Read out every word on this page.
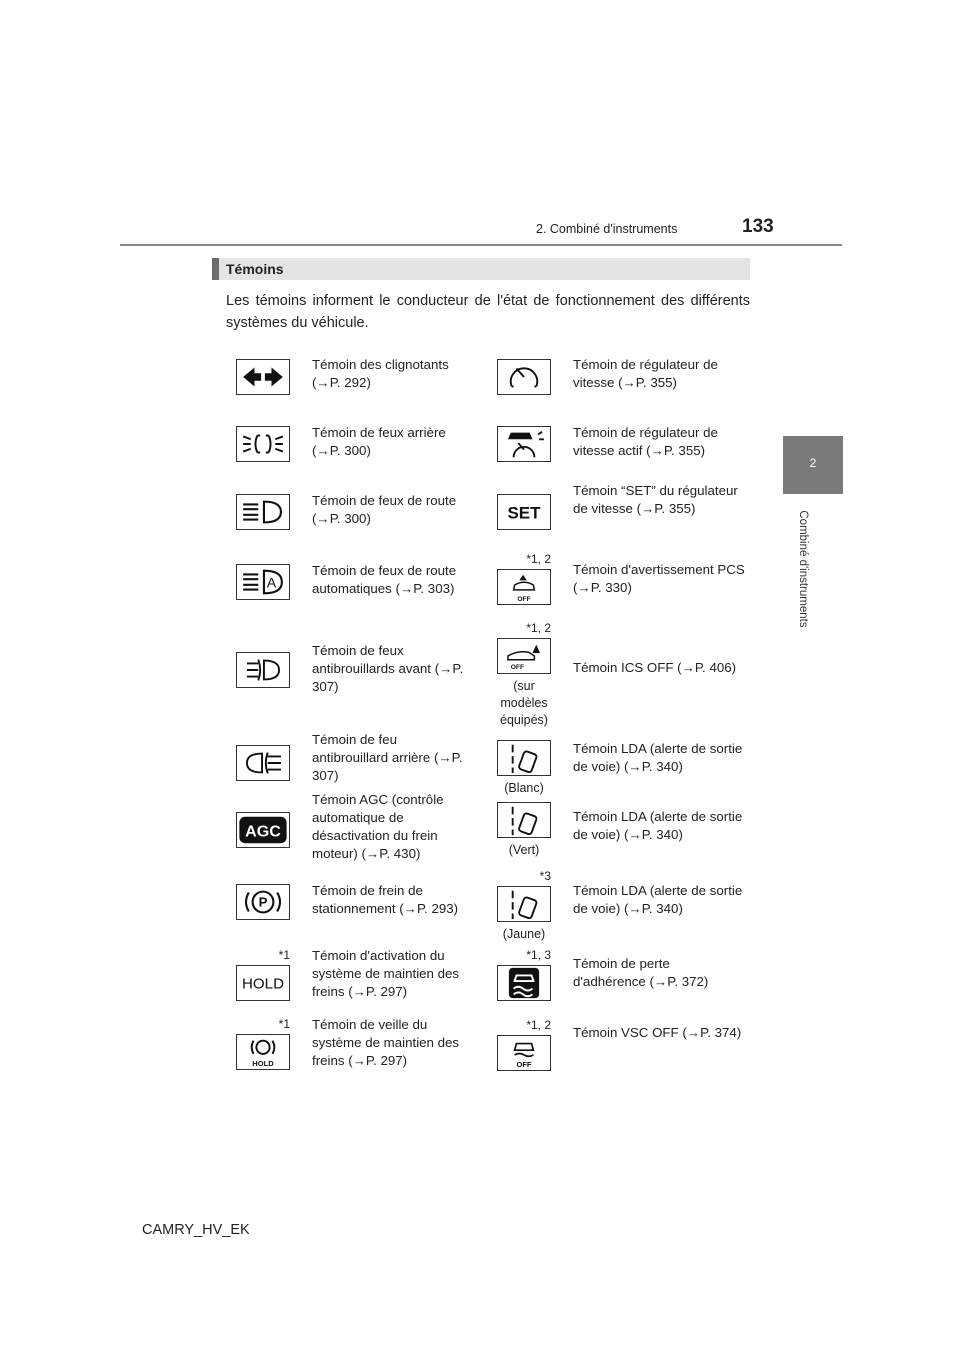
133
2. Combiné d'instruments
2
Combiné d'instruments
Témoins
Les témoins informent le conducteur de l'état de fonctionnement des différents systèmes du véhicule.
Témoin des clignotants (→P. 292)
Témoin de feux arrière (→P. 300)
Témoin de feux de route (→P. 300)
A
Témoin de feux de route automatiques (→P. 303)
Témoin de feux antibrouillards avant (→P. 307)
Témoin de feu antibrouillard arrière (→P. 307)
AGC
Témoin AGC (contrôle automatique de désactivation du frein moteur) (→P. 430)
P
Témoin de frein de stationnement (→P. 293)
HOLD
*1 Témoin d'activation du système de maintien des freins (→P. 297)
HOLD
*1 Témoin de veille du système de maintien des freins (→P. 297)
Témoin de régulateur de vitesse (→P. 355)
Témoin de régulateur de vitesse actif (→P. 355)
SET
Témoin “SET” du régulateur de vitesse (→P. 355)
OFF
*1, 2
Témoin d'avertissement PCS (→P. 330)
OFF
*1, 2
(sur modèles équipés)
Témoin ICS OFF (→P. 406)
(Blanc)
Témoin LDA (alerte de sortie de voie) (→P. 340)
(Vert)
Témoin LDA (alerte de sortie de voie) (→P. 340)
*3
(Jaune)
Témoin LDA (alerte de sortie de voie) (→P. 340)
*1, 3
Témoin de perte d'adhérence (→P. 372)
OFF
*1, 2 Témoin VSC OFF (→P. 374)
CAMRY_HV_EK
